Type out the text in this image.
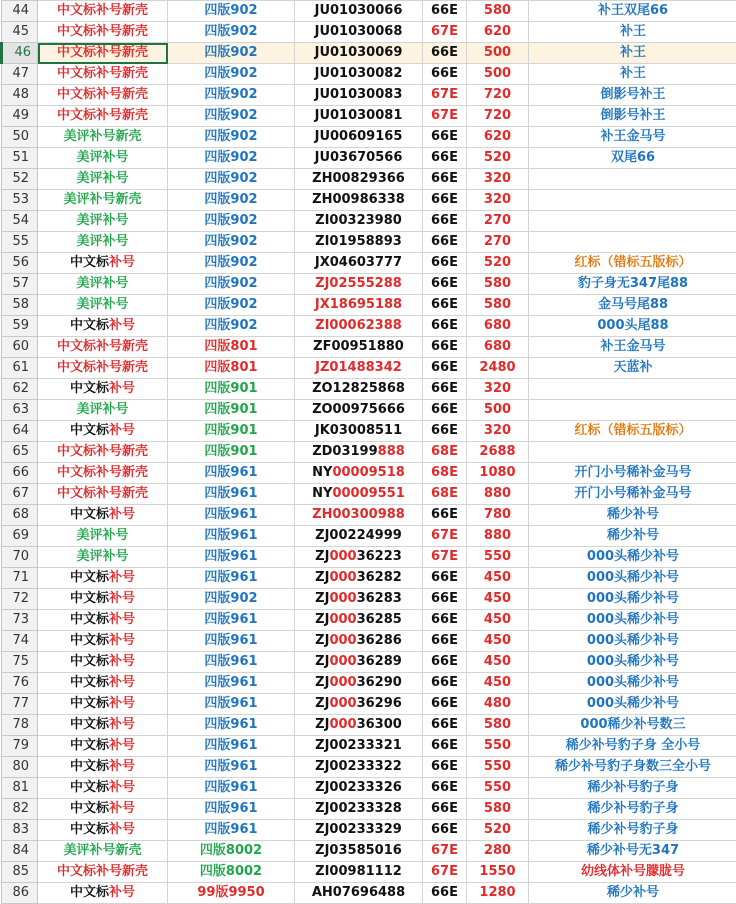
44	中文标补号新壳	四版902	JU01030066	66E	580	补王双尾66
45	中文标补号新壳	四版902	JU01030068	67E	620	补王
46	中文标补号新壳	四版902	JU01030069	66E	500	补王
47	中文标补号新壳	四版902	JU01030082	66E	500	补王
48	中文标补号新壳	四版902	JU01030083	67E	720	倒影号补王
49	中文标补号新壳	四版902	JU01030081	67E	720	倒影号补王
50	美评补号新壳	四版902	JU00609165	66E	620	补王金马号
51	美评补号	四版902	JU03670566	66E	520	双尾66
52	美评补号	四版902	ZH00829366	66E	320	
53	美评补号新壳	四版902	ZH00986338	66E	320	
54	美评补号	四版902	ZI00323980	66E	270	
55	美评补号	四版902	ZI01958893	66E	270	
56	中文标补号	四版902	JX04603777	66E	520	红标（错标五版标）
57	美评补号	四版902	ZJ02555288	66E	580	豹子身无347尾88
58	美评补号	四版902	JX18695188	66E	580	金马号尾88
59	中文标补号	四版902	ZI00062388	66E	680	000头尾88
60	中文标补号新壳	四版801	ZF00951880	66E	680	补王金马号
61	中文标补号新壳	四版801	JZ01488342	66E	2480	天蓝补
62	中文标补号	四版901	ZO12825868	66E	320	
63	美评补号	四版901	ZO00975666	66E	500	
64	中文标补号	四版901	JK03008511	66E	320	红标（错标五版标）
65	中文标补号新壳	四版901	ZD03199888	68E	2688	
66	中文标补号新壳	四版961	NY00009518	68E	1080	开门小号稀补金马号
67	中文标补号新壳	四版961	NY00009551	68E	880	开门小号稀补金马号
68	中文标补号	四版961	ZH00300988	66E	780	稀少补号
69	美评补号	四版961	ZJ00224999	67E	880	稀少补号
70	美评补号	四版961	ZJ00036223	67E	550	000头稀少补号
71	中文标补号	四版961	ZJ00036282	66E	450	000头稀少补号
72	中文标补号	四版902	ZJ00036283	66E	450	000头稀少补号
73	中文标补号	四版961	ZJ00036285	66E	450	000头稀少补号
74	中文标补号	四版961	ZJ00036286	66E	450	000头稀少补号
75	中文标补号	四版961	ZJ00036289	66E	450	000头稀少补号
76	中文标补号	四版961	ZJ00036290	66E	450	000头稀少补号
77	中文标补号	四版961	ZJ00036296	66E	480	000头稀少补号
78	中文标补号	四版961	ZJ00036300	66E	580	000稀少补号数三
79	中文标补号	四版961	ZJ00233321	66E	550	稀少补号豹子身 全小号
80	中文标补号	四版961	ZJ00233322	66E	550	稀少补号豹子身数三全小号
81	中文标补号	四版961	ZJ00233326	66E	550	稀少补号豹子身
82	中文标补号	四版961	ZJ00233328	66E	580	稀少补号豹子身
83	中文标补号	四版961	ZJ00233329	66E	520	稀少补号豹子身
84	美评补号新壳	四版8002	ZJ03585016	67E	280	稀少补号无347
85	中文标补号新壳	四版8002	ZI00981112	67E	1550	幼线体补号朦胧号
86	中文标补号	99版9950	AH07696488	66E	1280	稀少补号
